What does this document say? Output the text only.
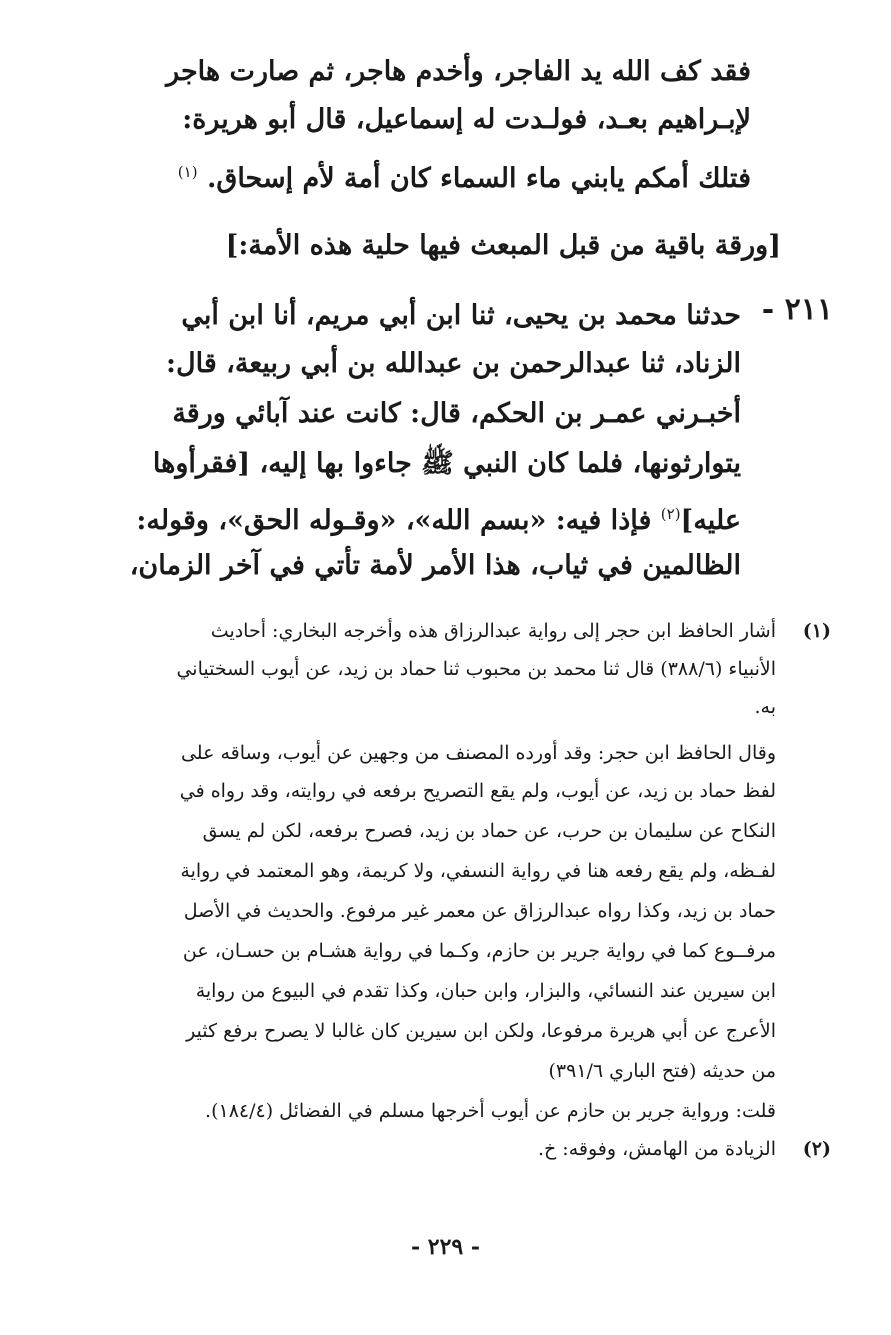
فقد كف الله يد الفاجر، وأخدم هاجر، ثم صارت هاجر
لإبـراهيم بعـد، فولـدت له إسماعيل، قال أبو هريرة:
فتلك أمكم يابني ماء السماء كان أمة لأم إسحاق. $^{(١)}$
[ورقة باقية من قبل المبعث فيها حلية هذه الأمة:]
٢١١ -
حدثنا محمد بن يحيى، ثنا ابن أبي مريم، أنا ابن أبي
الزناد، ثنا عبدالرحمن بن عبدالله بن أبي ربيعة، قال:
أخبـرني عمـر بن الحكم، قال: كانت عند آبائي ورقة
يتوارثونها، فلما كان النبي ﷺ جاءوا بها إليه، [فقرأوها
عليه]$^{(٢)}$ فإذا فيه: «بسم الله»، «وقـوله الحق»، وقوله:
الظالمين في ثياب، هذا الأمر لأمة تأتي في آخر الزمان،
(١)
أشار الحافظ ابن حجر إلى رواية عبدالرزاق هذه وأخرجه البخاري: أحاديث
الأنبياء (٣٨٨/٦) قال ثنا محمد بن محبوب ثنا حماد بن زيد، عن أيوب السختياني
به.
وقال الحافظ ابن حجر: وقد أورده المصنف من وجهين عن أيوب، وساقه على
لفظ حماد بن زيد، عن أيوب، ولم يقع التصريح برفعه في روايته، وقد رواه في
النكاح عن سليمان بن حرب، عن حماد بن زيد، فصرح برفعه، لكن لم يسق
لفـظه، ولم يقع رفعه هنا في رواية النسفي، ولا كريمة، وهو المعتمد في رواية
حماد بن زيد، وكذا رواه عبدالرزاق عن معمر غير مرفوع. والحديث في الأصل
مرفــوع كما في رواية جرير بن حازم، وكـما في رواية هشـام بن حسـان، عن
ابن سيرين عند النسائي، والبزار، وابن حبان، وكذا تقدم في البيوع من رواية
الأعرج عن أبي هريرة مرفوعا، ولكن ابن سيرين كان غالبا لا يصرح برفع كثير
من حديثه (فتح الباري ٣٩١/٦)
قلت: ورواية جرير بن حازم عن أيوب أخرجها مسلم في الفضائل (١٨٤/٤).
(٢)
الزيادة من الهامش، وفوقه: خ.
- ٢٢٩ -
